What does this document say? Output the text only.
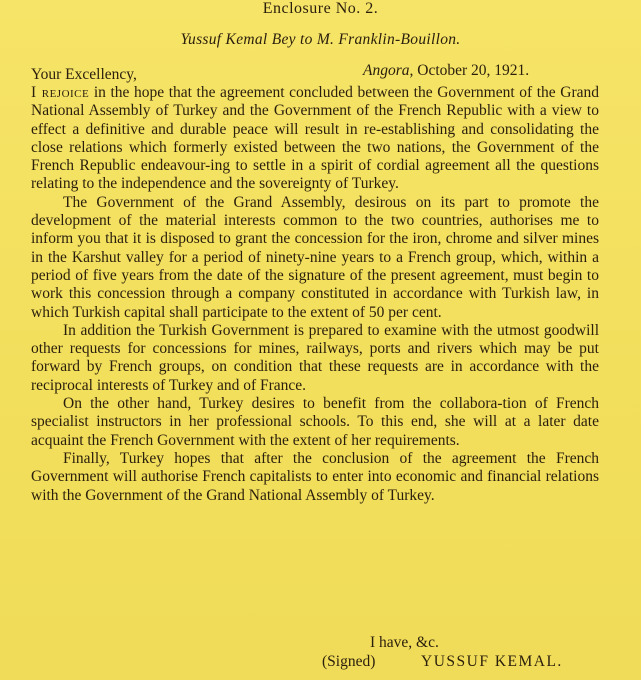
Enclosure No. 2.
Yussuf Kemal Bey to M. Franklin-Bouillon.
Your Excellency,	Angora, October 20, 1921.

I rejoice in the hope that the agreement concluded between the Government of the Grand National Assembly of Turkey and the Government of the French Republic with a view to effect a definitive and durable peace will result in re-establishing and consolidating the close relations which formerly existed between the two nations, the Government of the French Republic endeavour-ing to settle in a spirit of cordial agreement all the questions relating to the independence and the sovereignty of Turkey.

The Government of the Grand Assembly, desirous on its part to promote the development of the material interests common to the two countries, authorises me to inform you that it is disposed to grant the concession for the iron, chrome and silver mines in the Karshut valley for a period of ninety-nine years to a French group, which, within a period of five years from the date of the signature of the present agreement, must begin to work this concession through a company constituted in accordance with Turkish law, in which Turkish capital shall participate to the extent of 50 per cent.

In addition the Turkish Government is prepared to examine with the utmost goodwill other requests for concessions for mines, railways, ports and rivers which may be put forward by French groups, on condition that these requests are in accordance with the reciprocal interests of Turkey and of France.

On the other hand, Turkey desires to benefit from the collabora-tion of French specialist instructors in her professional schools. To this end, she will at a later date acquaint the French Government with the extent of her requirements.

Finally, Turkey hopes that after the conclusion of the agreement the French Government will authorise French capitalists to enter into economic and financial relations with the Government of the Grand National Assembly of Turkey.

I have, &c.
(Signed)	YUSSUF KEMAL.
